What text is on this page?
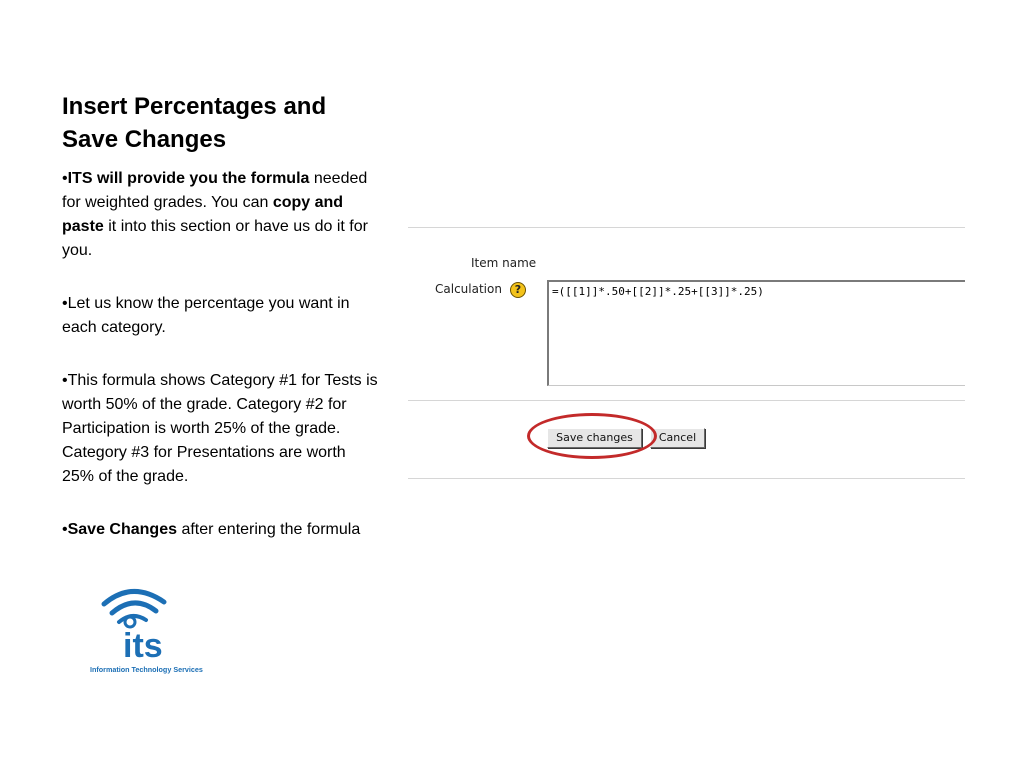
Insert Percentages and Save Changes

•ITS will provide you the formula needed for weighted grades. You can copy and paste it into this section or have us do it for you.

•Let us know the percentage you want in each category.

•This formula shows Category #1 for Tests is worth 50% of the grade. Category #2 for Participation is worth 25% of the grade. Category #3 for Presentations are worth 25% of the grade.

•Save Changes after entering the formula

its
Information Technology Services
Item name
Calculation	?	=([[1]]*.50+[[2]]*.25+[[3]]*.25)
Save changes	Cancel
